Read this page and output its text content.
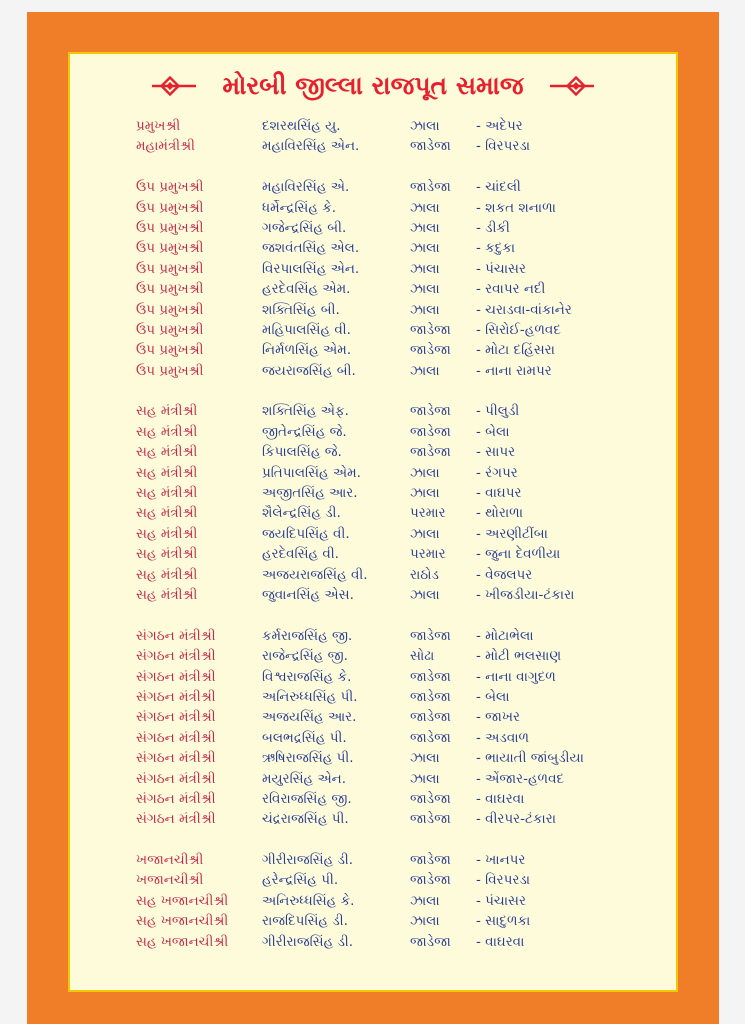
મોરબી જીલ્લા રાજપૂત સમાજ
પ્રમુખશ્રી	દશરથસિંહ યુ.	ઝાલા	- અદેપર
મહામંત્રીશ્રી	મહાવિરસિંહ એન.	જાડેજા - વિરપરડા
ઉપ પ્રમુખશ્રી	મહાવિરસિંહ એ.	જાડેજા - ચાંદલી
ઉપ પ્રમુખશ્રી	ધર્મેન્દ્રસિંહ કે.	ઝાલા	- શકત શનાળા
ઉપ પ્રમુખશ્રી	ગજેન્દ્રસિંહ બી.	ઝાલા	- ડીકી
ઉપ પ્રમુખશ્રી	જશવંતસિંહ એલ.	ઝાલા	- કદુકા
ઉપ પ્રમુખશ્રી	વિરપાલસિંહ એન.	ઝાલા	- પંચાસર
ઉપ પ્રમુખશ્રી	હરદેવસિંહ એમ.	ઝાલા	- રવાપર નદી
ઉપ પ્રમુખશ્રી	શક્તિસિંહ બી.	ઝાલા	- ચરાડવા-વાંકાનેર
ઉપ પ્રમુખશ્રી	મહિપાલસિંહ વી.	જાડેજા - સિરોઈ-હળવદ
ઉપ પ્રમુખશ્રી	નિર્મળસિંહ એમ.	જાડેજા - મોટા દહિંસરા
ઉપ પ્રમુખશ્રી	જયરાજસિંહ બી.	ઝાલા	- નાના રામપર
સહ મંત્રીશ્રી	શક્તિસિંહ એફ.	જાડેજા - પીલુડી
સહ મંત્રીશ્રી	જીતેન્દ્રસિંહ જે.	જાડેજા - બેલા
સહ મંત્રીશ્રી	કિપાલસિંહ જે.	જાડેજા - સાપર
સહ મંત્રીશ્રી	પ્રતિપાલસિંહ એમ.	ઝાલા	- રંગપર
સહ મંત્રીશ્રી	અજીતસિંહ આર.	ઝાલા	- વાઘપર
સહ મંત્રીશ્રી	શૈલેન્દ્રસિંહ ડી.	પરમાર - થોરાળા
સહ મંત્રીશ્રી	જયદિપસિંહ વી.	ઝાલા	- અરણીટીંબા
સહ મંત્રીશ્રી	હરદેવસિંહ વી.	પરમાર - જુના દેવળીયા
સહ મંત્રીશ્રી	અજયરાજસિંહ વી.	રાઠોડ	- વેજલપર
સહ મંત્રીશ્રી	જુવાનસિંહ એસ.	ઝાલા	- ખીજડીયા-ટંકારા
સંગઠન મંત્રીશ્રી	કર્મરાજસિંહ જી.	જાડેજા - મોટાભેલા
સંગઠન મંત્રીશ્રી	રાજેન્દ્રસિંહ જી.	સોઢા	- મોટી ભલસાણ
સંગઠન મંત્રીશ્રી	વિશ્વરાજસિંહ કે.	જાડેજા - નાના વાગુદળ
સંગઠન મંત્રીશ્રી	અનિરુધ્ધસિંહ પી.	જાડેજા - બેલા
સંગઠન મંત્રીશ્રી	અજયસિંહ આર.	જાડેજા - જાખર
સંગઠન મંત્રીશ્રી	બલભદ્રસિંહ પી.	જાડેજા - અડવાળ
સંગઠન મંત્રીશ્રી	ઋષિરાજસિંહ પી.	ઝાલા	- ભાયાતી જાંબુડીયા
સંગઠન મંત્રીશ્રી	મયુરસિંહ એન.	ઝાલા	- એંજાર-હળવદ
સંગઠન મંત્રીશ્રી	રવિરાજસિંહ જી.	જાડેજા - વાઘરવા
સંગઠન મંત્રીશ્રી	ચંદ્રરાજસિંહ પી.	જાડેજા - વીરપર-ટંકારા
ખજાનચીશ્રી	ગીરીરાજસિંહ ડી.	જાડેજા - ખાનપર
ખજાનચીશ્રી	હરેન્દ્રસિંહ પી.	જાડેજા - વિરપરડા
સહ ખજાનચીશ્રી	અનિરુધ્ધસિંહ કે.	ઝાલા	- પંચાસર
સહ ખજાનચીશ્રી	રાજદિપસિંહ ડી.	ઝાલા	- સાદુળકા
સહ ખજાનચીશ્રી	ગીરીરાજસિંહ ડી.	જાડેજા - વાઘરવા
